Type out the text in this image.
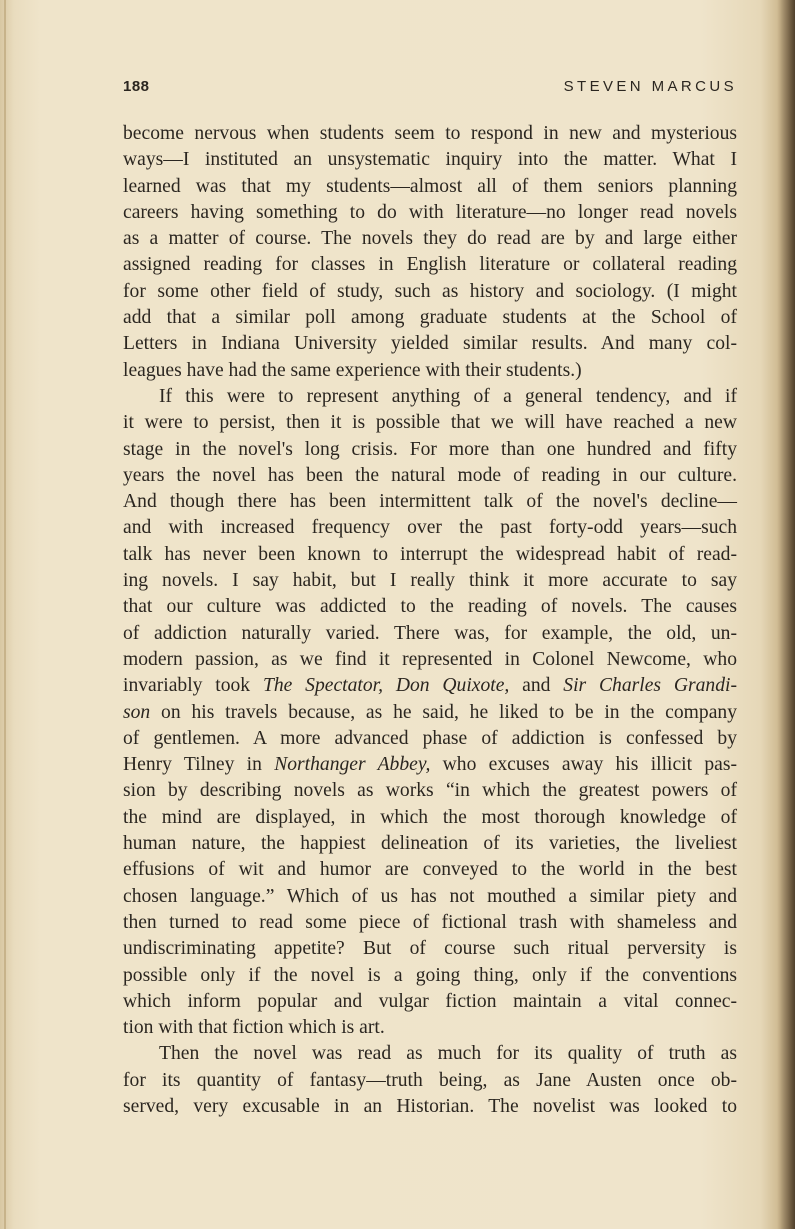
188	STEVEN MARCUS

become nervous when students seem to respond in new and mysterious
ways—I instituted an unsystematic inquiry into the matter. What I
learned was that my students—almost all of them seniors planning
careers having something to do with literature—no longer read novels
as a matter of course. The novels they do read are by and large either
assigned reading for classes in English literature or collateral reading
for some other field of study, such as history and sociology. (I might
add that a similar poll among graduate students at the School of
Letters in Indiana University yielded similar results. And many col-
leagues have had the same experience with their students.)

If this were to represent anything of a general tendency, and if
it were to persist, then it is possible that we will have reached a new
stage in the novel's long crisis. For more than one hundred and fifty
years the novel has been the natural mode of reading in our culture.
And though there has been intermittent talk of the novel's decline—
and with increased frequency over the past forty-odd years—such
talk has never been known to interrupt the widespread habit of read-
ing novels. I say habit, but I really think it more accurate to say
that our culture was addicted to the reading of novels. The causes
of addiction naturally varied. There was, for example, the old, un-
modern passion, as we find it represented in Colonel Newcome, who
invariably took The Spectator, Don Quixote, and Sir Charles Grandi-
son on his travels because, as he said, he liked to be in the company
of gentlemen. A more advanced phase of addiction is confessed by
Henry Tilney in Northanger Abbey, who excuses away his illicit pas-
sion by describing novels as works “in which the greatest powers of
the mind are displayed, in which the most thorough knowledge of
human nature, the happiest delineation of its varieties, the liveliest
effusions of wit and humor are conveyed to the world in the best
chosen language.” Which of us has not mouthed a similar piety and
then turned to read some piece of fictional trash with shameless and
undiscriminating appetite? But of course such ritual perversity is
possible only if the novel is a going thing, only if the conventions
which inform popular and vulgar fiction maintain a vital connec-
tion with that fiction which is art.

Then the novel was read as much for its quality of truth as
for its quantity of fantasy—truth being, as Jane Austen once ob-
served, very excusable in an Historian. The novelist was looked to
